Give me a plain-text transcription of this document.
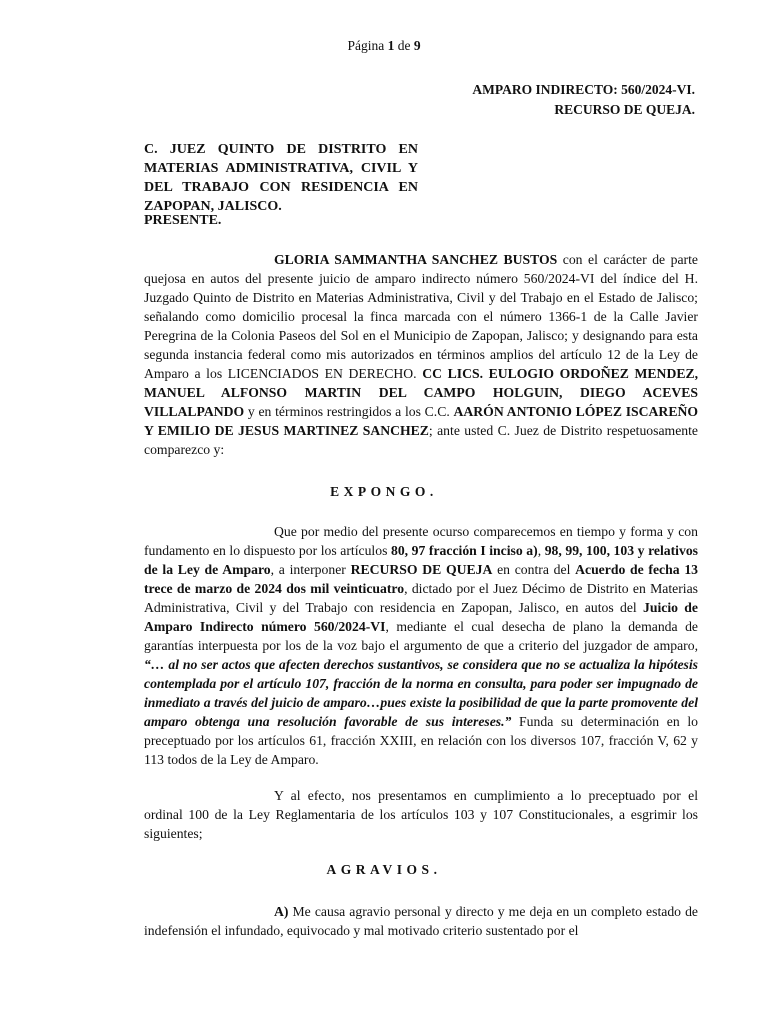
Página 1 de 9
AMPARO INDIRECTO: 560/2024-VI.
RECURSO DE QUEJA.
C. JUEZ QUINTO DE DISTRITO EN MATERIAS ADMINISTRATIVA, CIVIL Y DEL TRABAJO CON RESIDENCIA EN ZAPOPAN, JALISCO.
PRESENTE.
GLORIA SAMMANTHA SANCHEZ BUSTOS con el carácter de parte quejosa en autos del presente juicio de amparo indirecto número 560/2024-VI del índice del H. Juzgado Quinto de Distrito en Materias Administrativa, Civil y del Trabajo en el Estado de Jalisco; señalando como domicilio procesal la finca marcada con el número 1366-1 de la Calle Javier Peregrina de la Colonia Paseos del Sol en el Municipio de Zapopan, Jalisco; y designando para esta segunda instancia federal como mis autorizados en términos amplios del artículo 12 de la Ley de Amparo a los LICENCIADOS EN DERECHO. CC LICS. EULOGIO ORDOÑEZ MENDEZ, MANUEL ALFONSO MARTIN DEL CAMPO HOLGUIN, DIEGO ACEVES VILLALPANDO y en términos restringidos a los C.C. AARÓN ANTONIO LÓPEZ ISCAREÑO Y EMILIO DE JESUS MARTINEZ SANCHEZ; ante usted C. Juez de Distrito respetuosamente comparezco y:
EXPONGO.
Que por medio del presente ocurso comparecemos en tiempo y forma y con fundamento en lo dispuesto por los artículos 80, 97 fracción I inciso a), 98, 99, 100, 103 y relativos de la Ley de Amparo, a interponer RECURSO DE QUEJA en contra del Acuerdo de fecha 13 trece de marzo de 2024 dos mil veinticuatro, dictado por el Juez Décimo de Distrito en Materias Administrativa, Civil y del Trabajo con residencia en Zapopan, Jalisco, en autos del Juicio de Amparo Indirecto número 560/2024-VI, mediante el cual desecha de plano la demanda de garantías interpuesta por los de la voz bajo el argumento de que a criterio del juzgador de amparo, “… al no ser actos que afecten derechos sustantivos, se considera que no se actualiza la hipótesis contemplada por el artículo 107, fracción de la norma en consulta, para poder ser impugnado de inmediato a través del juicio de amparo…pues existe la posibilidad de que la parte promovente del amparo obtenga una resolución favorable de sus intereses.” Funda su determinación en lo preceptuado por los artículos 61, fracción XXIII, en relación con los diversos 107, fracción V, 62 y 113 todos de la Ley de Amparo.
Y al efecto, nos presentamos en cumplimiento a lo preceptuado por el ordinal 100 de la Ley Reglamentaria de los artículos 103 y 107 Constitucionales, a esgrimir los siguientes;
AGRAVIOS.
A) Me causa agravio personal y directo y me deja en un completo estado de indefensión el infundado, equivocado y mal motivado criterio sustentado por el
